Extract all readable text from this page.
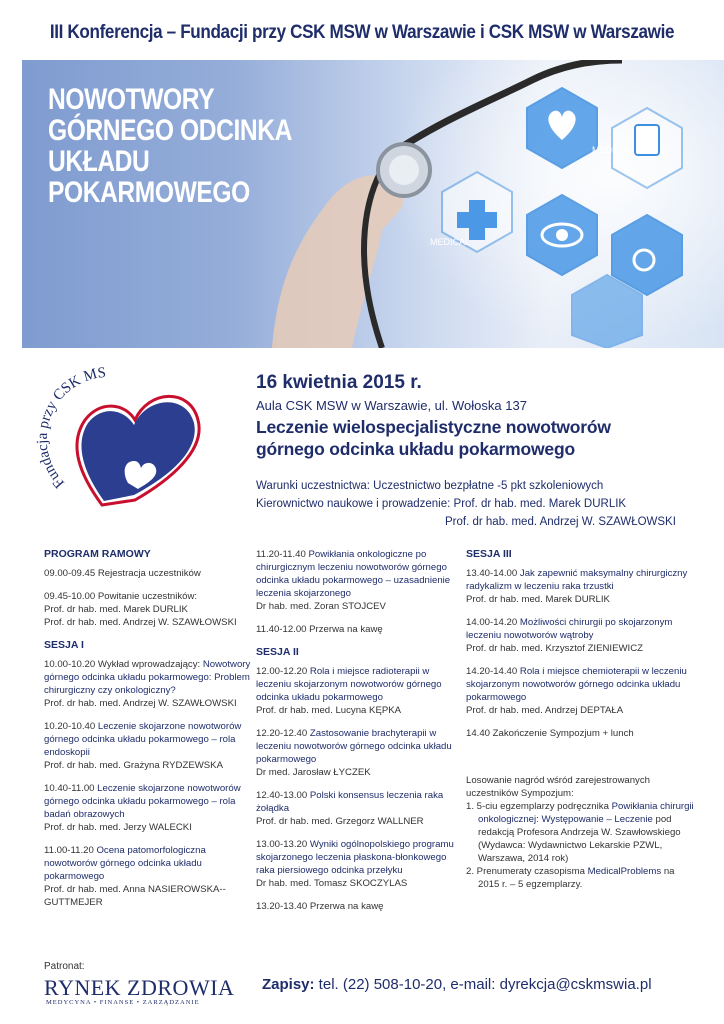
III Konferencja – Fundacji przy CSK MSW w Warszawie i CSK MSW w Warszawie
MEDICAL
MEDICAL
NOWOTWORY
GÓRNEGO ODCINKA
UKŁADU
POKARMOWEGO
Fundacja przy CSK MS	16 kwietnia 2015 r.
Aula CSK MSW w Warszawie, ul. Wołoska 137
Leczenie wielospecjalistyczne nowotworów
górnego odcinka układu pokarmowego
Warunki uczestnictwa: Uczestnictwo bezpłatne -5 pkt szkoleniowych
Kierownictwo naukowe i prowadzenie: Prof. dr hab. med. Marek DURLIK
Prof. dr hab. med. Andrzej W. SZAWŁOWSKI
PROGRAM RAMOWY
09.00-09.45 Rejestracja uczestników
09.45-10.00 Powitanie uczestników:
Prof. dr hab. med. Marek DURLIK
Prof. dr hab. med. Andrzej W. SZAWŁOWSKI
SESJA I
10.00-10.20 Wykład wprowadzający: Nowotwory górnego odcinka układu pokarmowego: Problem chirurgiczny czy onkologiczny?
Prof. dr hab. med. Andrzej W. SZAWŁOWSKI
10.20-10.40 Leczenie skojarzone nowotworów górnego odcinka układu pokarmowego – rola endoskopii
Prof. dr hab. med. Grażyna RYDZEWSKA
10.40-11.00 Leczenie skojarzone nowotworów górnego odcinka układu pokarmowego – rola badań obrazowych
Prof. dr hab. med. Jerzy WALECKI
11.00-11.20 Ocena patomorfologiczna nowotworów górnego odcinka układu pokarmowego
Prof. dr hab. med. Anna NASIEROWSKA--GUTTMEJER
11.20-11.40 Powikłania onkologiczne po chirurgicznym leczeniu nowotworów górnego odcinka układu pokarmowego – uzasadnienie leczenia skojarzonego
Dr hab. med. Zoran STOJCEV
11.40-12.00 Przerwa na kawę
SESJA II
12.00-12.20 Rola i miejsce radioterapii w leczeniu skojarzonym nowotworów górnego odcinka układu pokarmowego
Prof. dr hab. med. Lucyna KĘPKA
12.20-12.40 Zastosowanie brachyterapii w leczeniu nowotworów górnego odcinka układu pokarmowego
Dr med. Jarosław ŁYCZEK
12.40-13.00 Polski konsensus leczenia raka żołądka
Prof. dr hab. med. Grzegorz WALLNER
13.00-13.20 Wyniki ogólnopolskiego programu skojarzonego leczenia płaskona-błonkowego raka piersiowego odcinka przełyku
Dr hab. med. Tomasz SKOCZYLAS
13.20-13.40 Przerwa na kawę
SESJA III
13.40-14.00 Jak zapewnić maksymalny chirurgiczny radykalizm w leczeniu raka trzustki
Prof. dr hab. med. Marek DURLIK
14.00-14.20 Możliwości chirurgii po skojarzonym leczeniu nowotworów wątroby
Prof. dr hab. med. Krzysztof ZIENIEWICZ
14.20-14.40 Rola i miejsce chemioterapii w leczeniu skojarzonym nowotworów górnego odcinka układu pokarmowego
Prof. dr hab. med. Andrzej DEPTAŁA
14.40 Zakończenie Sympozjum + lunch
Losowanie nagród wśród zarejestrowanych uczestników Sympozjum:
1. 5-ciu egzemplarzy podręcznika Powikłania chirurgii onkologicznej: Występowanie – Leczenie pod redakcją Profesora Andrzeja W. Szawłowskiego (Wydawca: Wydawnictwo Lekarskie PZWL, Warszawa, 2014 rok)
2. Prenumeraty czasopisma MedicalProblems na 2015 r. – 5 egzemplarzy.
Patronat:
RYNEK ZDROWIA
MEDYCYNA • FINANSE • ZARZĄDZANIE
Zapisy: tel. (22) 508-10-20, e-mail: dyrekcja@cskmswia.pl
